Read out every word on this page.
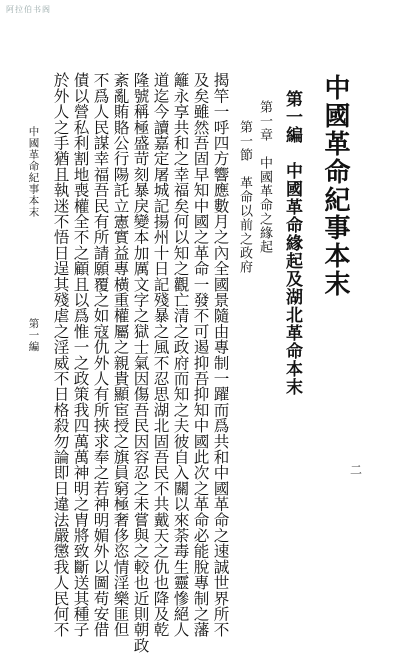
阿拉伯书阁
中國革命紀事本末
第一編　中國革命緣起及湖北革命本末
第一章　中國革命之緣起
第一節　革命以前之政府
揭竿一呼四方響應數月之內全國景隨由專制一躍而爲共和中國革命之速誠世界所不
及矣雖然吾固早知中國之革命一發不可遏抑吾抑知中國此次之革命必能脫專制之藩
籬永享共和之幸福矣何以知之觀亡清之政府而知之夫彼自入關以來荼毒生靈慘絕人
道迄今讀嘉定屠城記揚州十日記殘暴之風不忍思湖北固吾民不共戴天之仇也降及乾
隆號稱極盛苛刻暴戾變本加厲文字之獄士氣因傷吾民因容忍之未嘗與之較也近則朝政
紊亂賄賂公行陽託立憲實益專橫重權屬之親貴顯宦授之旗員窮極奢侈恣情淫樂匪但
不爲人民謀幸福吾民有所請願覆之如寇仇外人有所挾求奉之若神明媚外以圖苟安借
債以營私利割地喪權全不之顧且以爲惟一之政策我四萬萬神明之胄將致斷送其種子
於外人之手猶且執迷不悟日逞其殘虐之淫威不日格殺勿論即日違法嚴懲我人民何不
中國革命紀事本末
第一編
二
